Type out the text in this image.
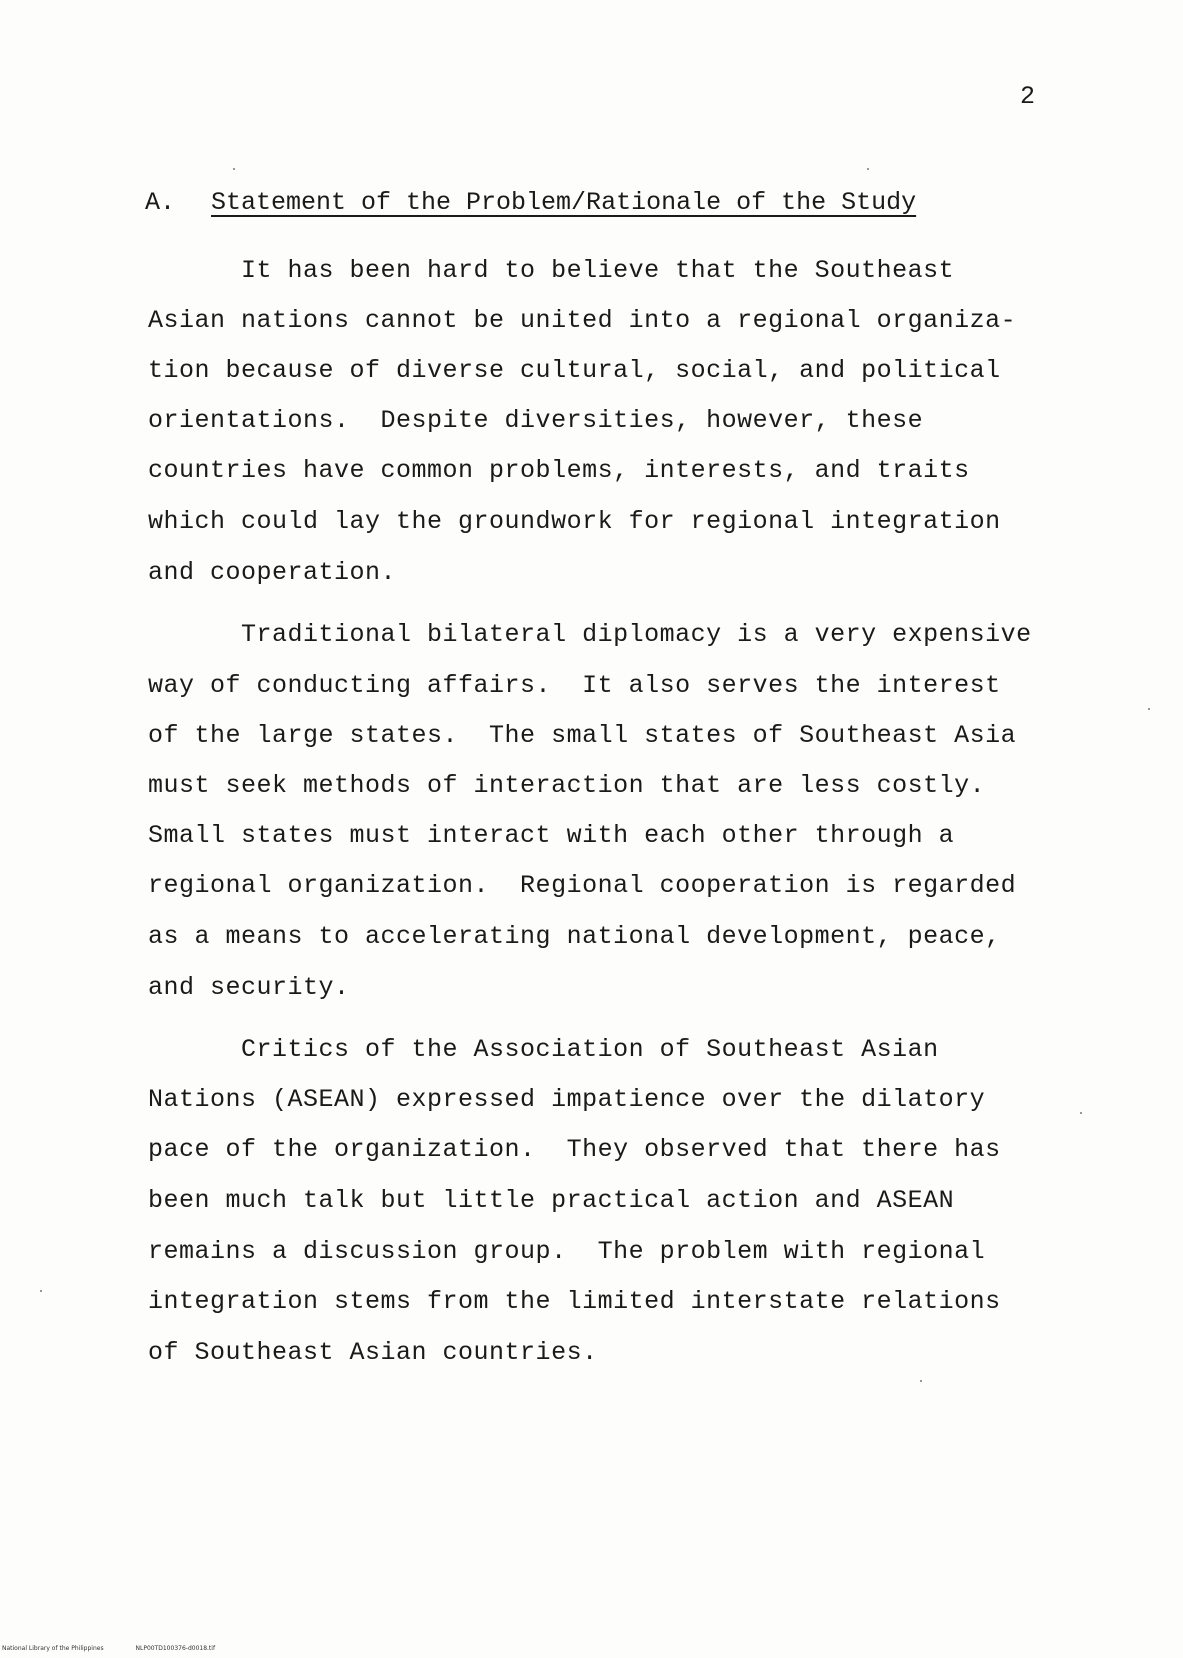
2
A. Statement of the Problem/Rationale of the Study
It has been hard to believe that the Southeast
Asian nations cannot be united into a regional organiza-
tion because of diverse cultural, social, and political
orientations.  Despite diversities, however, these
countries have common problems, interests, and traits
which could lay the groundwork for regional integration
and cooperation.
Traditional bilateral diplomacy is a very expensive
way of conducting affairs.  It also serves the interest
of the large states.  The small states of Southeast Asia
must seek methods of interaction that are less costly.
Small states must interact with each other through a
regional organization.  Regional cooperation is regarded
as a means to accelerating national development, peace,
and security.
Critics of the Association of Southeast Asian
Nations (ASEAN) expressed impatience over the dilatory
pace of the organization.  They observed that there has
been much talk but little practical action and ASEAN
remains a discussion group.  The problem with regional
integration stems from the limited interstate relations
of Southeast Asian countries.
National Library of the Philippines	NLP00TD100376-d0018.tif
